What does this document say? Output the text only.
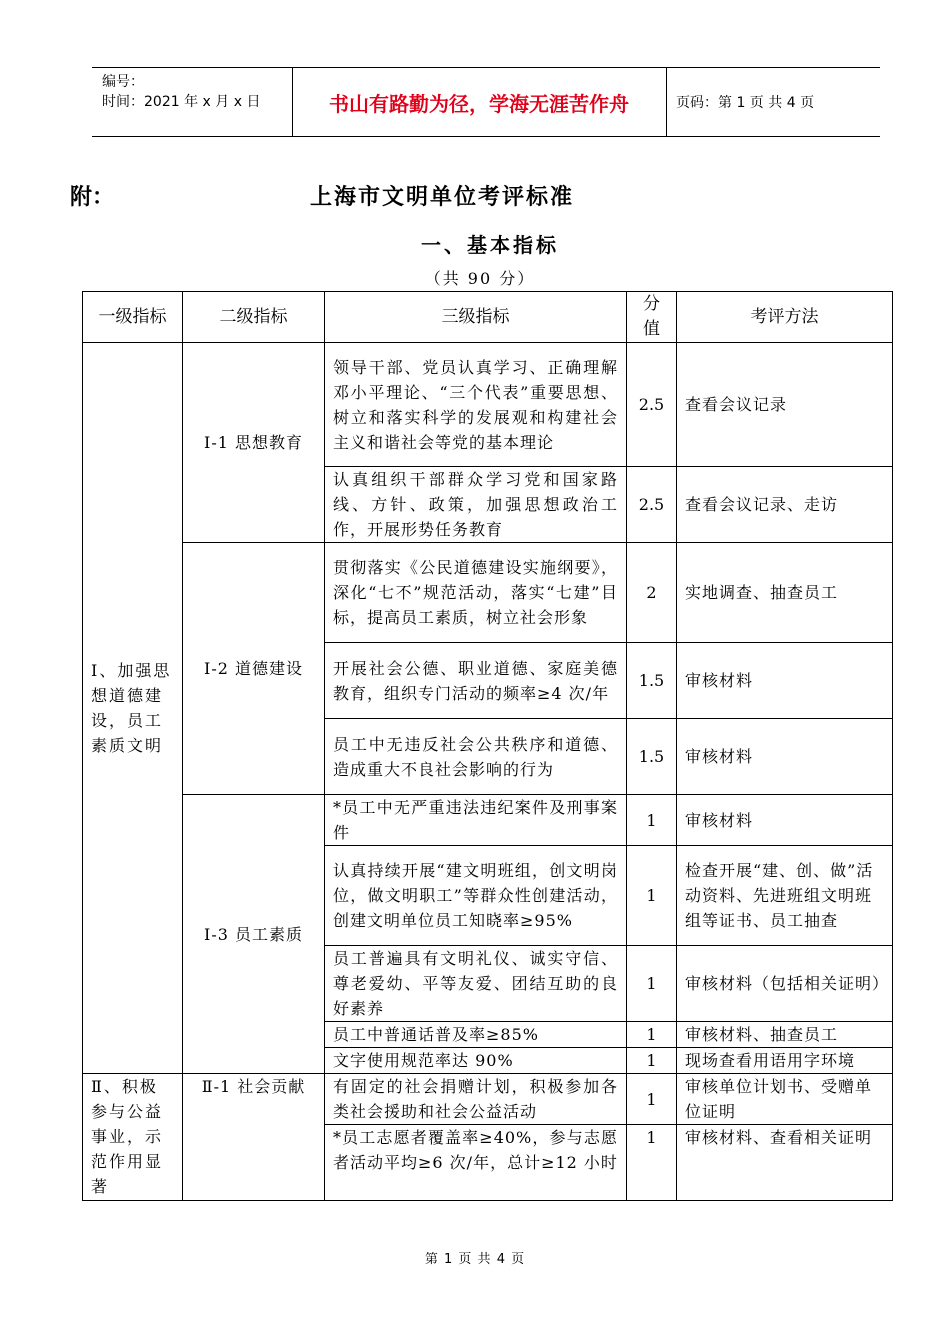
编号：
时间：2021 年 x 月 x 日	书山有路勤为径，学海无涯苦作舟	页码：第 1 页 共 4 页
附：	上海市文明单位考评标准
一、基本指标
（共 90 分）
一级指标	二级指标	三级指标	分值	考评方法
Ⅰ、加强思想道德建设，员工素质文明	Ⅰ-1 思想教育	领导干部、党员认真学习、正确理解邓小平理论、“三个代表”重要思想、树立和落实科学的发展观和构建社会主义和谐社会等党的基本理论	2.5	查看会议记录
		认真组织干部群众学习党和国家路线、方针、政策，加强思想政治工作，开展形势任务教育	2.5	查看会议记录、走访
	Ⅰ-2 道德建设	贯彻落实《公民道德建设实施纲要》，深化“七不”规范活动，落实“七建”目标，提高员工素质，树立社会形象	2	实地调查、抽查员工
		开展社会公德、职业道德、家庭美德教育，组织专门活动的频率≥4 次/年	1.5	审核材料
		员工中无违反社会公共秩序和道德、造成重大不良社会影响的行为	1.5	审核材料
	Ⅰ-3 员工素质	*员工中无严重违法违纪案件及刑事案件	1	审核材料
		认真持续开展“建文明班组，创文明岗位，做文明职工”等群众性创建活动，创建文明单位员工知晓率≥95%	1	检查开展“建、创、做”活动资料、先进班组文明班组等证书、员工抽查
		员工普遍具有文明礼仪、诚实守信、尊老爱幼、平等友爱、团结互助的良好素养	1	审核材料（包括相关证明）
		员工中普通话普及率≥85%	1	审核材料、抽查员工
		文字使用规范率达 90%	1	现场查看用语用字环境
Ⅱ、积极参与公益事业，示范作用显著	Ⅱ-1 社会贡献	有固定的社会捐赠计划，积极参加各类社会援助和社会公益活动	1	审核单位计划书、受赠单位证明
		*员工志愿者覆盖率≥40%，参与志愿者活动平均≥6 次/年，总计≥12 小时	1	审核材料、查看相关证明
第 1 页 共 4 页
